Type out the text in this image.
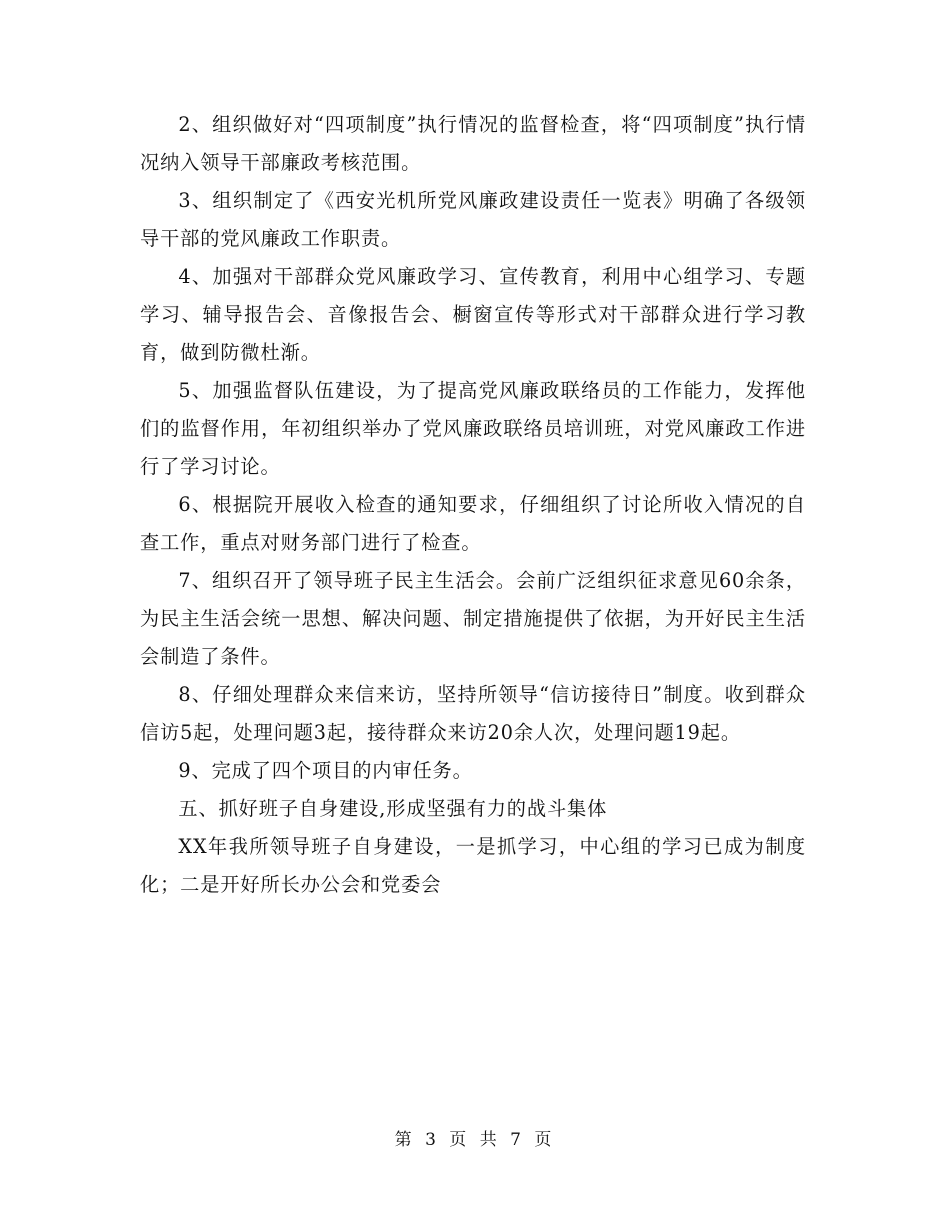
2、组织做好对“四项制度”执行情况的监督检查，将“四项制度”执行情况纳入领导干部廉政考核范围。

3、组织制定了《西安光机所党风廉政建设责任一览表》明确了各级领导干部的党风廉政工作职责。

4、加强对干部群众党风廉政学习、宣传教育，利用中心组学习、专题学习、辅导报告会、音像报告会、橱窗宣传等形式对干部群众进行学习教育，做到防微杜渐。

5、加强监督队伍建设，为了提高党风廉政联络员的工作能力，发挥他们的监督作用，年初组织举办了党风廉政联络员培训班，对党风廉政工作进行了学习讨论。

6、根据院开展收入检查的通知要求，仔细组织了讨论所收入情况的自查工作，重点对财务部门进行了检查。

7、组织召开了领导班子民主生活会。会前广泛组织征求意见60余条，为民主生活会统一思想、解决问题、制定措施提供了依据，为开好民主生活会制造了条件。

8、仔细处理群众来信来访，坚持所领导“信访接待日”制度。收到群众信访5起，处理问题3起，接待群众来访20余人次，处理问题19起。

9、完成了四个项目的内审任务。

五、抓好班子自身建设,形成坚强有力的战斗集体

XX年我所领导班子自身建设，一是抓学习，中心组的学习已成为制度化；二是开好所长办公会和党委会

第 3 页 共 7 页
